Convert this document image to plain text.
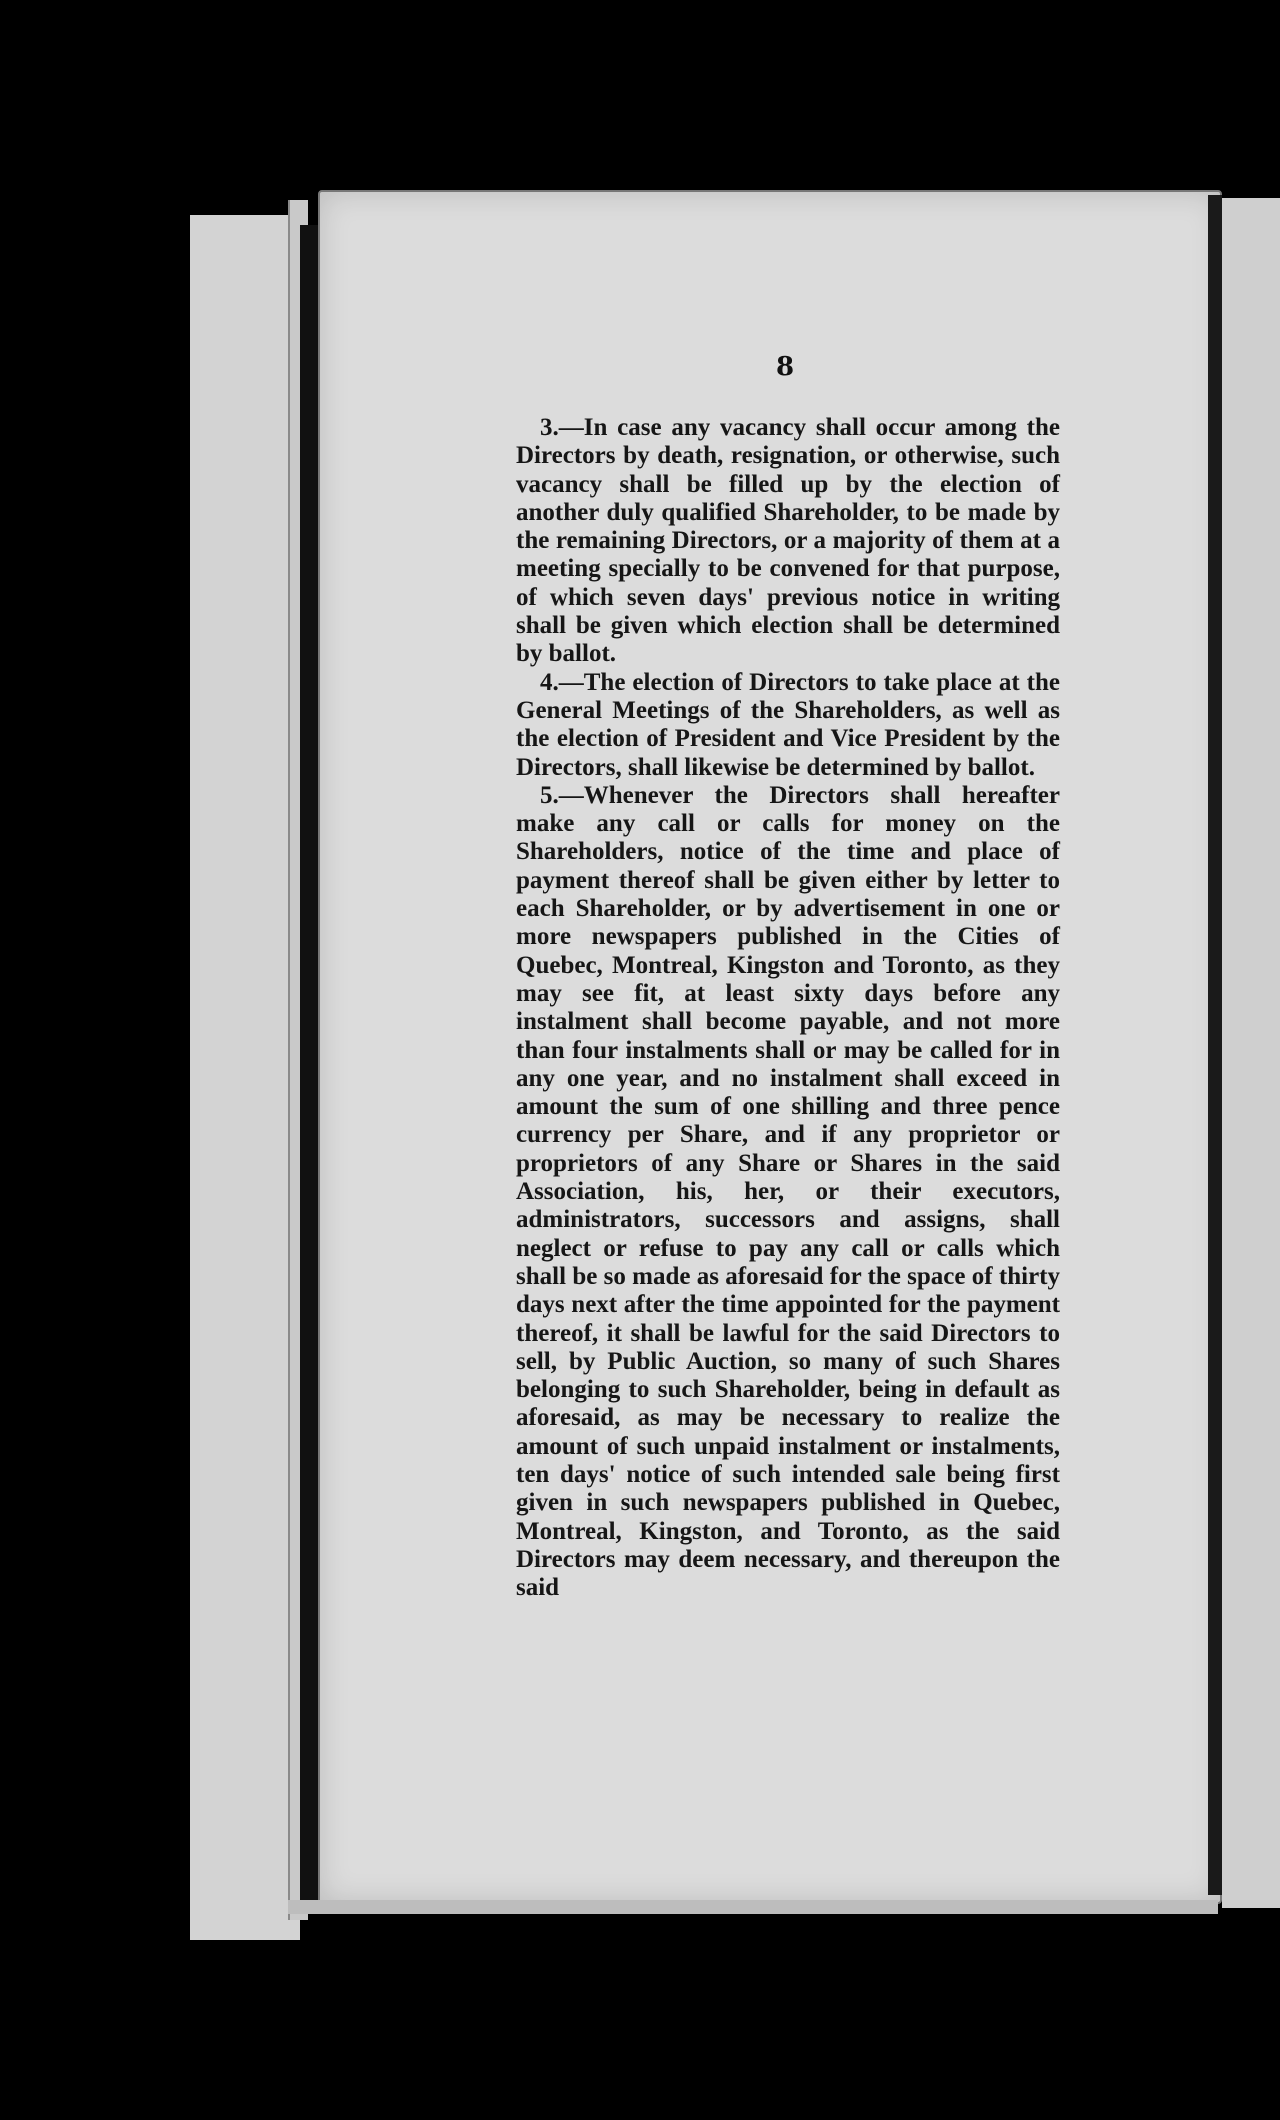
8

3.—In case any vacancy shall occur among the Directors by death, resignation, or otherwise, such vacancy shall be filled up by the election of another duly qualified Shareholder, to be made by the remaining Directors, or a majority of them at a meeting specially to be convened for that purpose, of which seven days' previous notice in writing shall be given which election shall be determined by ballot.

4.—The election of Directors to take place at the General Meetings of the Shareholders, as well as the election of President and Vice President by the Directors, shall likewise be determined by ballot.

5.—Whenever the Directors shall hereafter make any call or calls for money on the Shareholders, notice of the time and place of payment thereof shall be given either by letter to each Shareholder, or by advertisement in one or more newspapers published in the Cities of Quebec, Montreal, Kingston and Toronto, as they may see fit, at least sixty days before any instalment shall become payable, and not more than four instalments shall or may be called for in any one year, and no instalment shall exceed in amount the sum of one shilling and three pence currency per Share, and if any proprietor or proprietors of any Share or Shares in the said Association, his, her, or their executors, administrators, successors and assigns, shall neglect or refuse to pay any call or calls which shall be so made as aforesaid for the space of thirty days next after the time appointed for the payment thereof, it shall be lawful for the said Directors to sell, by Public Auction, so many of such Shares belonging to such Shareholder, being in default as aforesaid, as may be necessary to realize the amount of such unpaid instalment or instalments, ten days' notice of such intended sale being first given in such newspapers published in Quebec, Montreal, Kingston, and Toronto, as the said Directors may deem necessary, and thereupon the said
